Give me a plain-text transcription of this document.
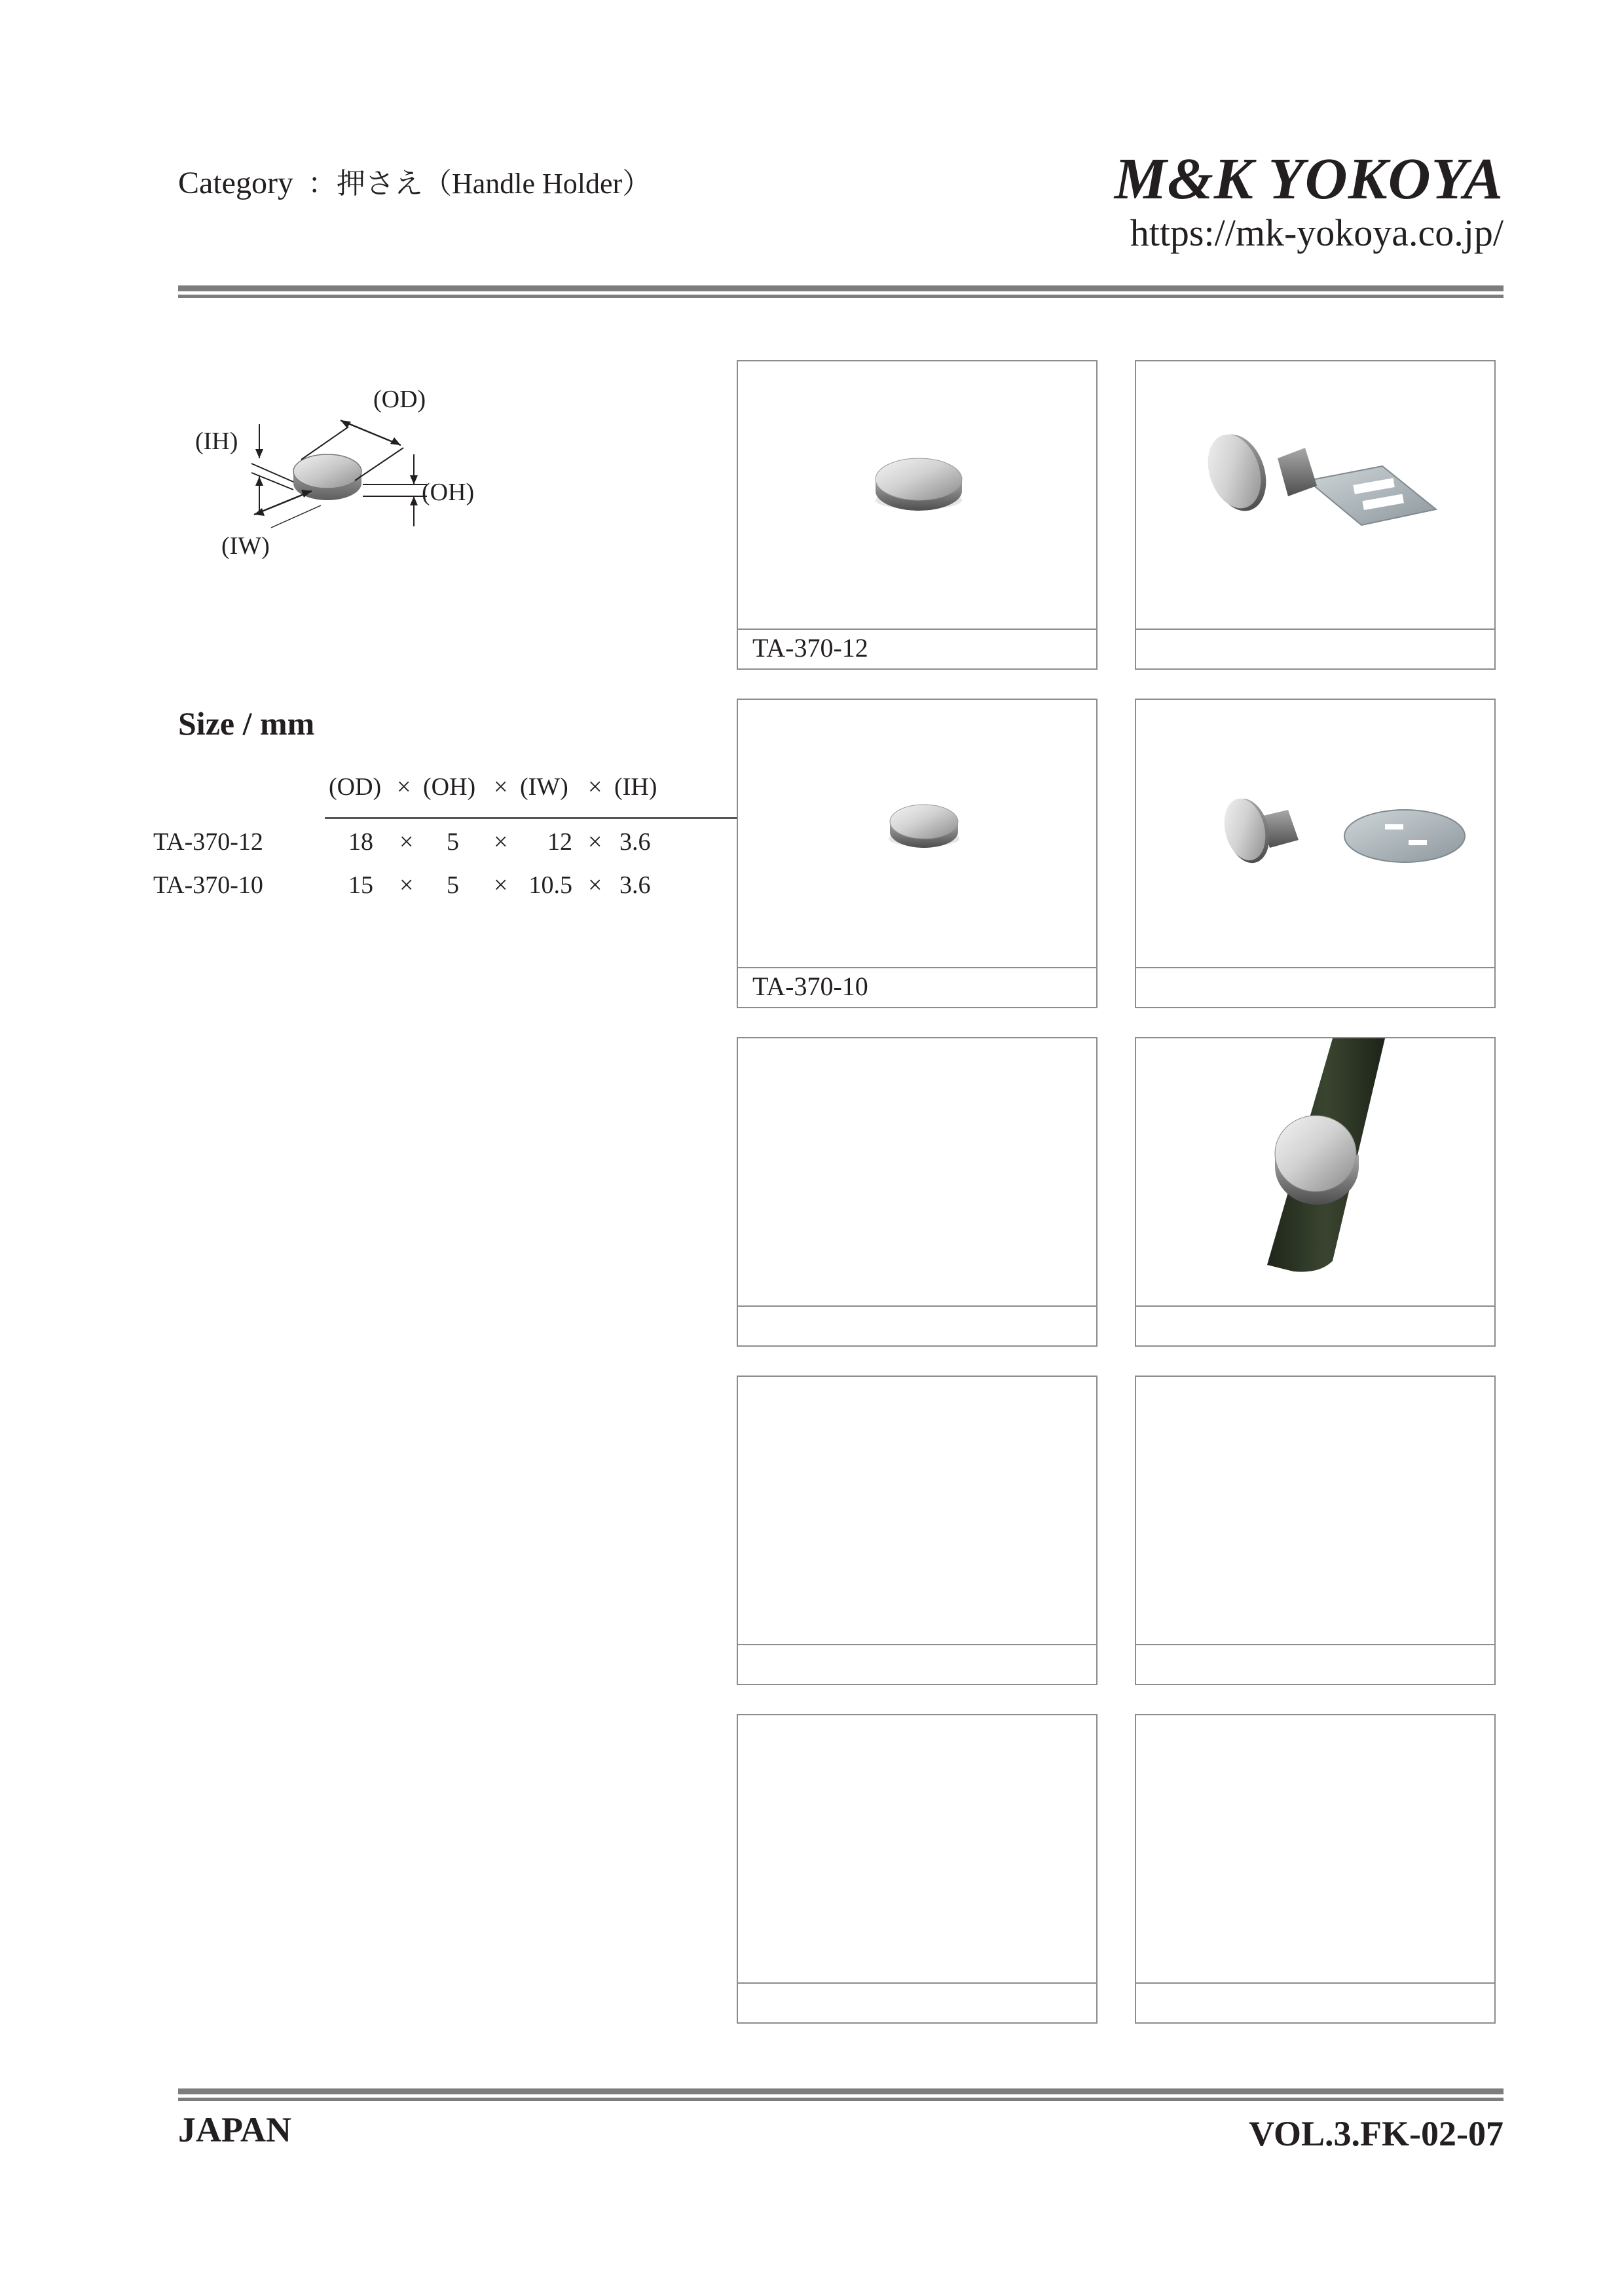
Category ：押さえ（Handle Holder）	M&K YOKOYA
https://mk-yokoya.co.jp/
(OD)
(IH)
(OH)
(IW)
Size / mm
(OD) × (OH) × (IW) × (IH)
TA-370-12	18 × 5 ×	12 × 3.6
TA-370-10	15 × 5 × 10.5 × 3.6
TA-370-12
TA-370-10
JAPAN	VOL.3.FK-02-07
